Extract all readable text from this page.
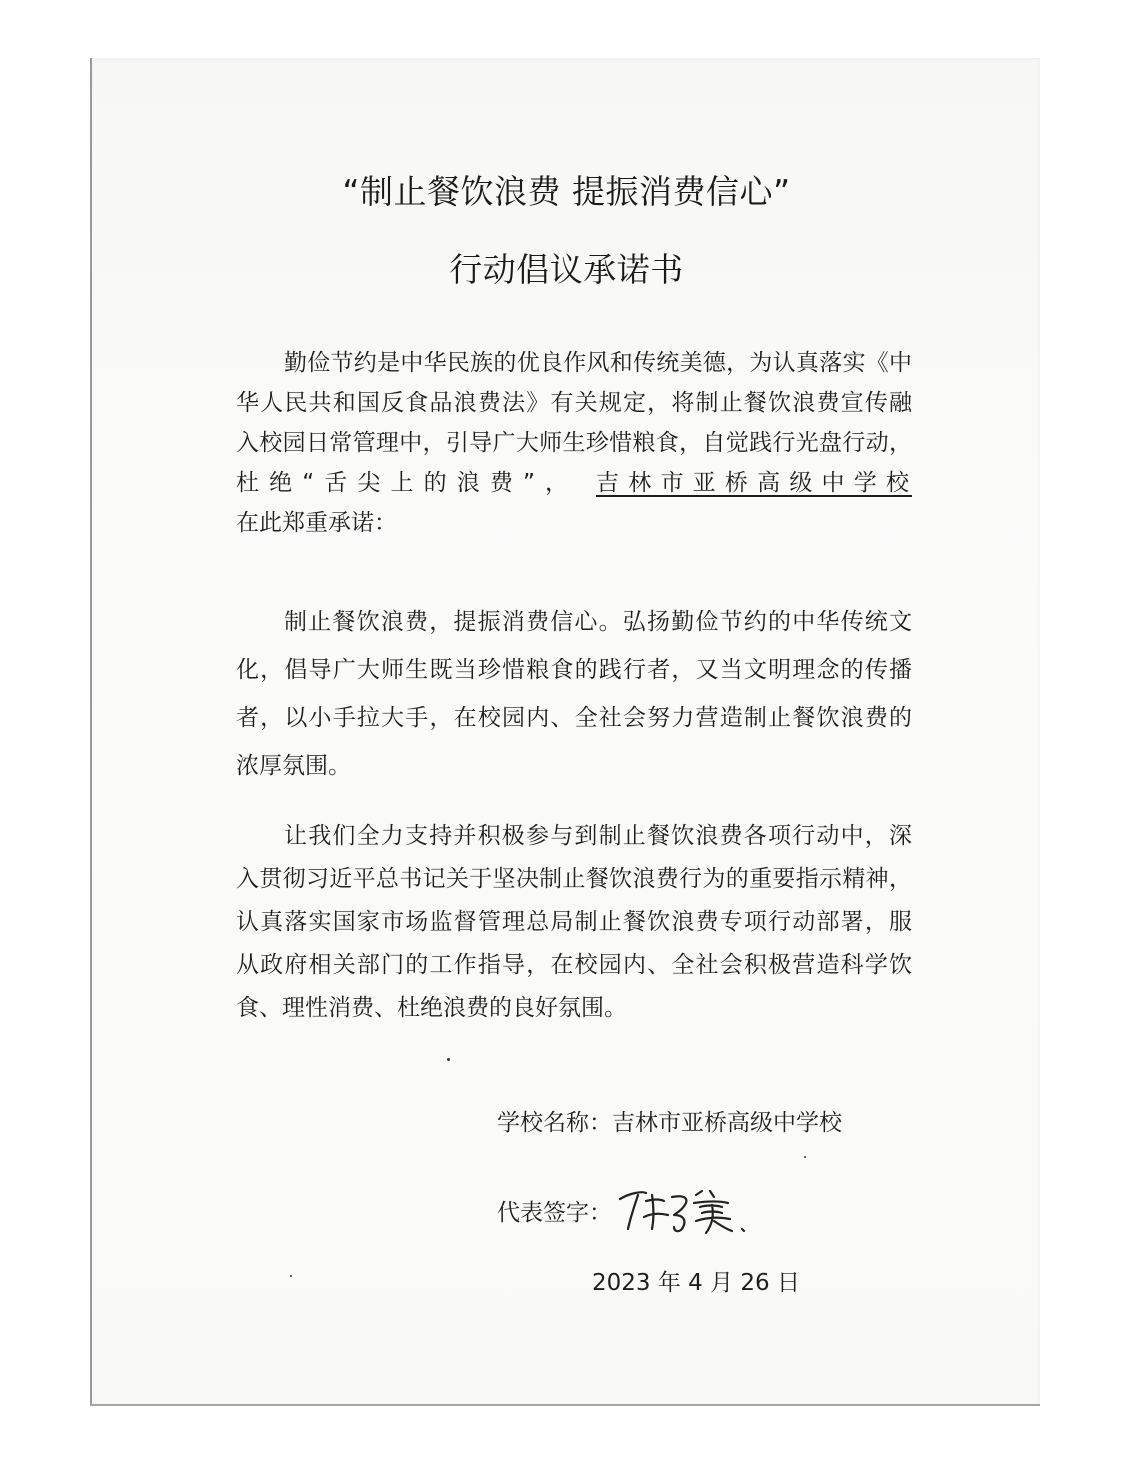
“制止餐饮浪费 提振消费信心”
行动倡议承诺书
勤俭节约是中华民族的优良作风和传统美德，为认真落实《中
华人民共和国反食品浪费法》有关规定，将制止餐饮浪费宣传融
入校园日常管理中，引导广大师生珍惜粮食，自觉践行光盘行动，
杜绝“舌尖上的浪费”， 吉林市亚桥高级中学校
在此郑重承诺：
制止餐饮浪费，提振消费信心。弘扬勤俭节约的中华传统文
化，倡导广大师生既当珍惜粮食的践行者，又当文明理念的传播
者，以小手拉大手，在校园内、全社会努力营造制止餐饮浪费的
浓厚氛围。
让我们全力支持并积极参与到制止餐饮浪费各项行动中，深
入贯彻习近平总书记关于坚决制止餐饮浪费行为的重要指示精神，
认真落实国家市场监督管理总局制止餐饮浪费专项行动部署，服
从政府相关部门的工作指导，在校园内、全社会积极营造科学饮
食、理性消费、杜绝浪费的良好氛围。
学校名称：吉林市亚桥高级中学校
代表签字：
2023 年 4 月 26 日
